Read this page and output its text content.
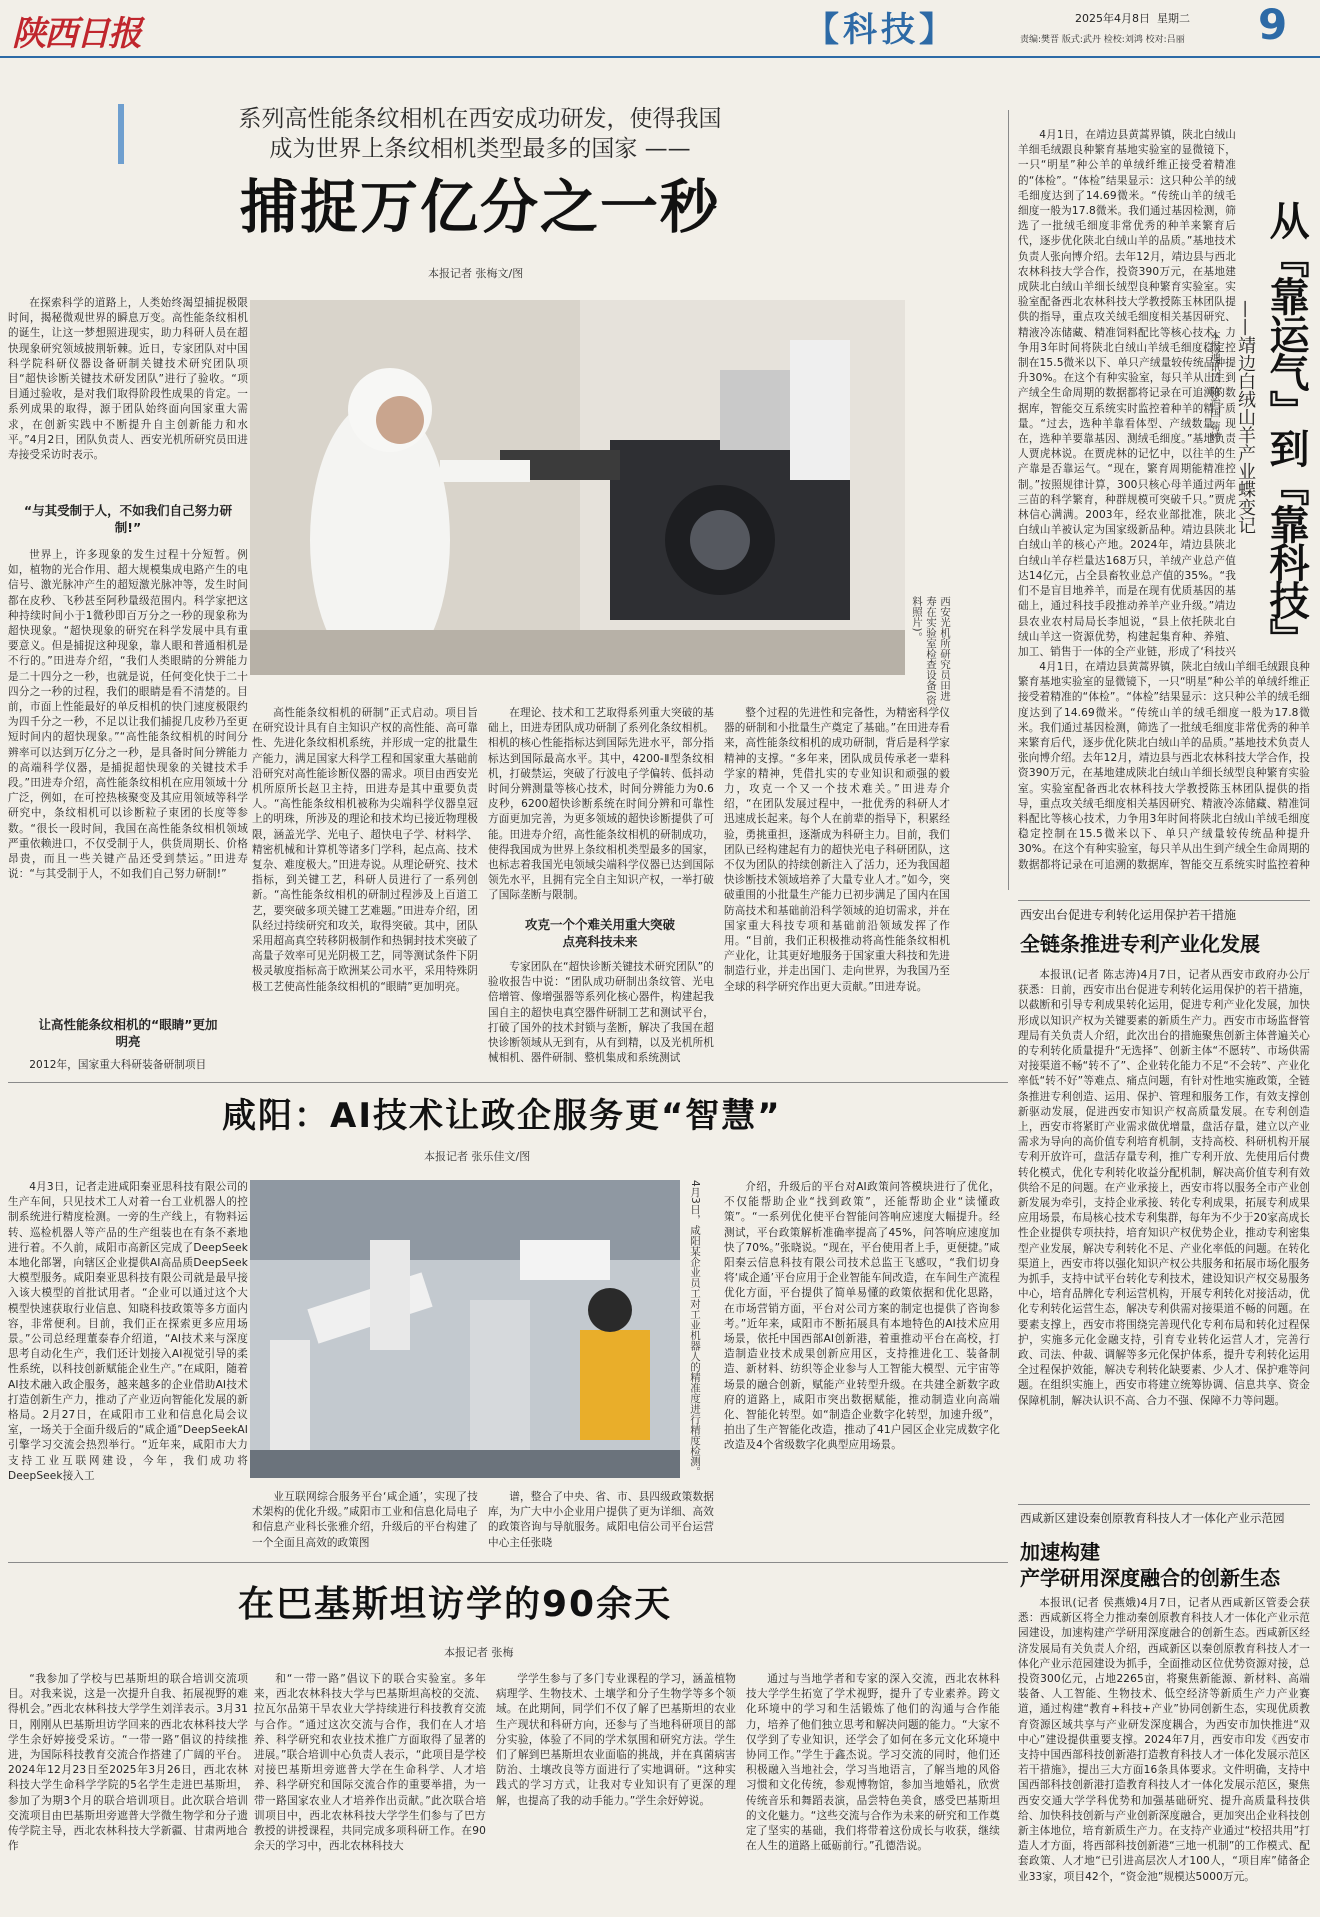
陕西日报	【科技】	2025年4月8日 星期二
责编:樊晋 版式:武丹 检校:刘鸿 校对:吕丽 9
系列高性能条纹相机在西安成功研发，使得我国
成为世界上条纹相机类型最多的国家 ——
捕捉万亿分之一秒
本报记者 张梅文/图

在探索科学的道路上，人类始终渴望捕捉极限时间，揭秘微观世界的瞬息万变。高性能条纹相机的诞生，让这一梦想照进现实，助力科研人员在超快现象研究领域披荆斩棘。近日，专家团队对中国科学院科研仪器设备研制关键技术研究团队项目“超快诊断关键技术研发团队”进行了验收。“项目通过验收，是对我们取得阶段性成果的肯定。一系列成果的取得，源于团队始终面向国家重大需求，在创新实践中不断提升自主创新能力和水平。”4月2日，团队负责人、西安光机所研究员田进寿接受采访时表示。

“与其受制于人，不如我们自己努力研制!”

世界上，许多现象的发生过程十分短暂。例如，植物的光合作用、超大规模集成电路产生的电信号、激光脉冲产生的超短激光脉冲等，发生时间都在皮秒、飞秒甚至阿秒量级范围内。科学家把这种持续时间小于1微秒即百万分之一秒的现象称为超快现象。“超快现象的研究在科学发展中具有重要意义。但是捕捉这种现象，靠人眼和普通相机是不行的。”田进寿介绍，“我们人类眼睛的分辨能力是二十四分之一秒，也就是说，任何变化快于二十四分之一秒的过程，我们的眼睛是看不清楚的。目前，市面上性能最好的单反相机的快门速度极限约为四千分之一秒，不足以让我们捕捉几皮秒乃至更短时间内的超快现象。”“高性能条纹相机的时间分辨率可以达到万亿分之一秒，是具备时间分辨能力的高端科学仪器，是捕捉超快现象的关键技术手段。”田进寿介绍，高性能条纹相机在应用领域十分广泛，例如，在可控热核聚变及其应用领域等科学研究中，条纹相机可以诊断粒子束团的长度等参数。“很长一段时间，我国在高性能条纹相机领域严重依赖进口，不仅受制于人，供货周期长、价格昂贵，而且一些关键产品还受到禁运。”田进寿说：“与其受制于人，不如我们自己努力研制!”

让高性能条纹相机的“眼睛”更加明亮

2012年，国家重大科研装备研制项目

西安光机所研究员田进寿在实验室检查设备(资料照片)。

高性能条纹相机的研制”正式启动。项目旨在研究设计具有自主知识产权的高性能、高可靠性、先进化条纹相机系统，并形成一定的批量生产能力，满足国家大科学工程和国家重大基础前沿研究对高性能诊断仪器的需求。项目由西安光机所原所长赵卫主持，田进寿是其中重要负责人。“高性能条纹相机被称为尖端科学仪器皇冠上的明珠，所涉及的理论和技术均已接近物理极限，涵盖光学、光电子、超快电子学、材料学、精密机械和计算机等诸多门学科，起点高、技术复杂、难度极大。”田进寿说。从理论研究、技术指标，到关键工艺，科研人员进行了一系列创新。“高性能条纹相机的研制过程涉及上百道工艺，要突破多项关键工艺难题。”田进寿介绍，团队经过持续研究和攻关，取得突破。其中，团队采用超高真空转移阴极制作和热铜封技术突破了高量子效率可见光阴极工艺，同等测试条件下阴极灵敏度指标高于欧洲某公司水平，采用特殊阴极工艺使高性能条纹相机的“眼睛”更加明亮。

在理论、技术和工艺取得系列重大突破的基础上，田进寿团队成功研制了系列化条纹相机。相机的核心性能指标达到国际先进水平，部分指标达到国际最高水平。其中，4200-Ⅱ型条纹相机，打破禁运，突破了行波电子学偏转、低抖动时间分辨测量等核心技术，时间分辨能力为0.6皮秒，6200超快诊断系统在时间分辨和可靠性方面更加完善，为更多领域的超快诊断提供了可能。田进寿介绍，高性能条纹相机的研制成功，使得我国成为世界上条纹相机类型最多的国家，也标志着我国光电领域尖端科学仪器已达到国际领先水平，且拥有完全自主知识产权，一举打破了国际垄断与限制。

攻克一个个难关用重大突破点亮科技未来

专家团队在“超快诊断关键技术研究团队”的验收报告中说：“团队成功研制出条纹管、光电倍增管、像增强器等系列化核心器件，构建起我国自主的超快电真空器件研制工艺和测试平台，打破了国外的技术封锁与垄断，解决了我国在超快诊断领域从无到有，从有到精，以及光机所机械相机、器件研制、整机集成和系统测试

整个过程的先进性和完备性，为精密科学仪器的研制和小批量生产奠定了基础。”在田进寿看来，高性能条纹相机的成功研制，背后是科学家精神的支撑。“多年来，团队成员传承老一辈科学家的精神，凭借扎实的专业知识和顽强的毅力，攻克一个又一个技术难关。”田进寿介绍，“在团队发展过程中，一批优秀的科研人才迅速成长起来。每个人在前辈的指导下，积累经验，勇挑重担，逐渐成为科研主力。目前，我们团队已经构建起有力的超快光电子科研团队，这不仅为团队的持续创新注入了活力，还为我国超快诊断技术领域培养了大量专业人才。”如今，突破重围的小批量生产能力已初步满足了国内在国防高技术和基础前沿科学领域的迫切需求，并在国家重大科技专项和基础前沿领域发挥了作用。“目前，我们正积极推动将高性能条纹相机产业化，让其更好地服务于国家重大科技和先进制造行业，并走出国门、走向世界，为我国乃至全球的科学研究作出更大贡献。”田进寿说。

4月1日，在靖边县黄蒿界镇，陕北白绒山羊细毛绒跟良种繁育基地实验室的显微镜下，一只“明星”种公羊的单绒纤维正接受着精准的“体检”。“体检”结果显示：这只种公羊的绒毛细度达到了14.69微米。“传统山羊的绒毛细度一般为17.8微米。我们通过基因检测，筛选了一批绒毛细度非常优秀的种羊来繁育后代，逐步优化陕北白绒山羊的品质。”基地技术负责人张向博介绍。去年12月，靖边县与西北农林科技大学合作，投资390万元，在基地建成陕北白绒山羊细长绒型良种繁育实验室。实验室配备西北农林科技大学教授陈玉林团队提供的指导，重点攻关绒毛细度相关基因研究、精液冷冻储藏、精准饲料配比等核心技术，力争用3年时间将陕北白绒山羊绒毛细度稳定控制在15.5微米以下、单只产绒量较传统品种提升30%。在这个有种实验室，每只羊从出生到产绒全生命周期的数据都将记录在可追溯的数据库，智能交互系统实时监控着种羊的精子质量。“过去，选种羊靠看体型、产绒数量。现在，选种羊要靠基因、测绒毛细度。”基地负责人贾虎林说。在贾虎林的记忆中，以往羊的生产靠是否靠运气。“现在，繁育周期能精准控制。”按照规律计算，300只核心母羊通过两年三苗的科学繁育，种群规模可突破千只。”贾虎林信心满满。2003年，经农业部批准，陕北白绒山羊被认定为国家级新品种。靖边县陕北白绒山羊的核心产地。2024年，靖边县陕北白绒山羊存栏量达168万只，羊绒产业总产值达14亿元，占全县畜牧业总产值的35%。“我们不是盲目地养羊，而是在现有优质基因的基础上，通过科技手段推动养羊产业升级。”靖边县农业农村局局长李旭说，“县上依托陕北白绒山羊这一资源优势，构建起集育种、养殖、加工、销售于一体的全产业链，形成了‘科技兴 从『靠运气』到『靠科技』
——靖边白绒山羊产业蝶变记
本报通讯员 陈治国 苟婷

4月1日，在靖边县黄蒿界镇，陕北白绒山羊细毛绒跟良种繁育基地实验室的显微镜下，一只“明星”种公羊的单绒纤维正接受着精准的“体检”。“体检”结果显示：这只种公羊的绒毛细度达到了14.69微米。“传统山羊的绒毛细度一般为17.8微米。我们通过基因检测，筛选了一批绒毛细度非常优秀的种羊来繁育后代，逐步优化陕北白绒山羊的品质。”基地技术负责人张向博介绍。去年12月，靖边县与西北农林科技大学合作，投资390万元，在基地建成陕北白绒山羊细长绒型良种繁育实验室。实验室配备西北农林科技大学教授陈玉林团队提供的指导，重点攻关绒毛细度相关基因研究、精液冷冻储藏、精准饲料配比等核心技术，力争用3年时间将陕北白绒山羊绒毛细度稳定控制在15.5微米以下、单只产绒量较传统品种提升30%。在这个有种实验室，每只羊从出生到产绒全生命周期的数据都将记录在可追溯的数据库，智能交互系统实时监控着种

西安出台促进专利转化运用保护若干措施
全链条推进专利产业化发展

本报讯(记者 陈志涛)4月7日，记者从西安市政府办公厅获悉：日前，西安市出台促进专利转化运用保护的若干措施，以截断和引导专利成果转化运用，促进专利产业化发展，加快形成以知识产权为关键要素的新质生产力。西安市市场监督管理局有关负责人介绍，此次出台的措施聚焦创新主体普遍关心的专利转化质量提升“无选择”、创新主体“不愿转”、市场供需对接渠道不畅“转不了”、企业转化能力不足“不会转”、产业化率低“转不好”等难点、痛点问题，有针对性地实施政策，全链条推进专利创造、运用、保护、管理和服务工作，有效支撑创新驱动发展，促进西安市知识产权高质量发展。在专利创造上，西安市将紧盯产业需求做优增量，盘活存量，建立以产业需求为导向的高价值专利培育机制，支持高校、科研机构开展专利开放许可，盘活存量专利，推广专利开放、先使用后付费转化模式，优化专利转化收益分配机制，解决高价值专利有效供给不足的问题。在产业承接上，西安市将以服务全市产业创新发展为牵引，支持企业承接、转化专利成果，拓展专利成果应用场景，布局核心技术专利集群，每年为不少于20家高成长性企业提供专项扶持，培育知识产权优势企业，推动专利密集型产业发展，解决专利转化不足、产业化率低的问题。在转化渠道上，西安市将以强化知识产权公共服务和拓展市场化服务为抓手，支持中试平台转化专利技术，建设知识产权交易服务中心，培育品牌化专利运营机构，开展专利转化对接活动，优化专利转化运营生态，解决专利供需对接渠道不畅的问题。在要素支撑上，西安市将围绕完善现代化专利布局和转化过程保护，实施多元化金融支持，引育专业转化运营人才，完善行政、司法、仲裁、调解等多元化保护体系，提升专利转化运用全过程保护效能，解决专利转化缺要素、少人才、保护难等问题。在组织实施上，西安市将建立统筹协调、信息共享、资金保障机制，解决认识不高、合力不强、保障不力等问题。

西咸新区建设秦创原教育科技人才一体化产业示范园
加速构建
产学研用深度融合的创新生态

本报讯(记者 侯燕娥)4月7日，记者从西咸新区管委会获悉：西咸新区将全力推动秦创原教育科技人才一体化产业示范园建设，加速构建产学研用深度融合的创新生态。西咸新区经济发展局有关负责人介绍，西咸新区以秦创原教育科技人才一体化产业示范园建设为抓手，全面推动区位优势资源对接，总投资300亿元，占地2265亩，将聚焦新能源、新材料、高端装备、人工智能、生物技术、低空经济等新质生产力产业赛道，通过构建“教育+科技+产业”协同创新生态，实现优质教育资源区域共享与产业研发深度耦合，为西安市加快推进“双中心”建设提供重要支撑。2024年7月，西安市印发《西安市支持中国西部科技创新港打造教育科技人才一体化发展示范区若干措施》，提出三大方面16条具体要求。文件明确，支持中国西部科技创新港打造教育科技人才一体化发展示范区，聚焦西安交通大学学科优势和加强基础研究、提升高质量科技供给、加快科技创新与产业创新深度融合，更加突出企业科技创新主体地位，培育新质生产力。在支持产业通过“校招共用”打造人才方面，将西部科技创新港“三地一机制”的工作模式、配套政策、人才地“已引进高层次人才100人，“项目库”储备企业33家，项目42个，“资金池”规模达5000万元。

咸阳：AI技术让政企服务更“智慧”
本报记者 张乐佳文/图

4月3日，记者走进咸阳秦亚思科技有限公司的生产车间，只见技术工人对着一台工业机器人的控制系统进行精度检测。一旁的生产线上，有物料运转、巡检机器人等产品的生产组装也在有条不紊地进行着。不久前，咸阳市高新区完成了DeepSeek本地化部署，向辖区企业提供AI高品质DeepSeek大模型服务。咸阳秦亚思科技有限公司就是最早接入该大模型的首批试用者。“企业可以通过这个大模型快速获取行业信息、知晓科技政策等多方面内容，非常便利。目前，我们正在探索更多应用场景。”公司总经理董泰春介绍道，“AI技术来与深度思考自动化生产，我们还计划接入AI视觉引导的柔性系统，以科技创新赋能企业生产。”在咸阳，随着AI技术融入政企服务，越来越多的企业借助AI技术打造创新生产力，推动了产业迈向智能化发展的新格局。2月27日，在咸阳市工业和信息化局会议室，一场关于全面升级后的“咸企通”DeepSeekAI引擎学习交流会热烈举行。“近年来，咸阳市大力支持工业互联网建设，今年，我们成功将DeepSeek接入工	4月3日，咸阳某企业员工对工业机器人的精准度进行精度检测。

业互联网综合服务平台‘咸企通’，实现了技术架构的优化升级。”咸阳市工业和信息化局电子和信息产业科长张雅介绍，升级后的平台构建了一个全面且高效的政策图

谱，整合了中央、省、市、县四级政策数据库，为广大中小企业用户提供了更为详细、高效的政策咨询与导航服务。咸阳电信公司平台运营中心主任张晓

介绍，升级后的平台对AI政策问答模块进行了优化，不仅能帮助企业“找到政策”，还能帮助企业“读懂政策”。“一系列优化使平台智能问答响应速度大幅提升。经测试，平台政策解析准确率提高了45%，问答响应速度加快了70%。”张晓说。“现在，平台使用者上手，更便捷。”咸阳秦云信息科技有限公司技术总监王飞感叹，“我们切身将‘咸企通’平台应用于企业智能车间改造，在车间生产流程优化方面，平台提供了简单易懂的政策依据和优化思路，在市场营销方面，平台对公司方案的制定也提供了咨询参考。”近年来，咸阳市不断拓展具有本地特色的AI技术应用场景，依托中国西部AI创新港，着重推动平台在高校，打造制造业技术成果创新应用区，支持推进化工、装备制造、新材料、纺织等企业参与人工智能大模型、元宇宙等场景的融合创新，赋能产业转型升级。在共建全新数字政府的道路上，咸阳市突出数据赋能，推动制造业向高端化、智能化转型。如“制造企业数字化转型，加速升级”，拍出了生产智能化改造，推动了41户园区企业完成数字化改造及4个省级数字化典型应用场景。

在巴基斯坦访学的90余天
本报记者 张梅

“我参加了学校与巴基斯坦的联合培训交流项目。对我来说，这是一次提升自我、拓展视野的难得机会。”西北农林科技大学学生刘洋表示。3月31日，刚刚从巴基斯坦访学回来的西北农林科技大学学生余妤婷接受采访。“一带一路”倡议的持续推进，为国际科技教育交流合作搭建了广阔的平台。2024年12月23日至2025年3月26日，西北农林科技大学生命科学学院的5名学生走进巴基斯坦，参加了为期3个月的联合培训项目。此次联合培训交流项目由巴基斯坦旁遮普大学微生物学和分子遗传学院主导，西北农林科技大学新疆、甘肃两地合作

和“一带一路”倡议下的联合实验室。多年来，西北农林科技大学与巴基斯坦高校的交流、拉瓦尔品第干旱农业大学持续进行科技教育交流与合作。“通过这次交流与合作，我们在人才培养、科学研究和农业技术推广方面取得了显著的进展。”联合培训中心负责人表示，“此项目是学校对接巴基斯坦旁遮普大学在生命科学、人才培养、科学研究和国际交流合作的重要举措，为一带一路国家农业人才培养作出贡献。”此次联合培训项目中，西北农林科技大学学生们参与了巴方教授的讲授课程，共同完成多项科研工作。在90余天的学习中，西北农林科技大

学学生参与了多门专业课程的学习，涵盖植物病理学、生物技术、土壤学和分子生物学等多个领域。在此期间，同学们不仅了解了巴基斯坦的农业生产现状和科研方向，还参与了当地科研项目的部分实验，体验了不同的学术氛围和研究方法。学生们了解到巴基斯坦农业面临的挑战，并在真菌病害防治、土壤改良等方面进行了实地调研。“这种实践式的学习方式，让我对专业知识有了更深的理解，也提高了我的动手能力。”学生余妤婷说。

通过与当地学者和专家的深入交流，西北农林科技大学学生拓宽了学术视野，提升了专业素养。跨文化环境中的学习和生活锻炼了他们的沟通与合作能力，培养了他们独立思考和解决问题的能力。“大家不仅学到了专业知识，还学会了如何在多元文化环境中协同工作。”学生于鑫杰说。学习交流的同时，他们还积极融入当地社会，学习当地语言，了解当地的风俗习惯和文化传统，参观博物馆，参加当地婚礼，欣赏传统音乐和舞蹈表演，品尝特色美食，感受巴基斯坦的文化魅力。“这些交流与合作为未来的研究和工作奠定了坚实的基础，我们将带着这份成长与收获，继续在人生的道路上砥砺前行。”孔德浩说。
